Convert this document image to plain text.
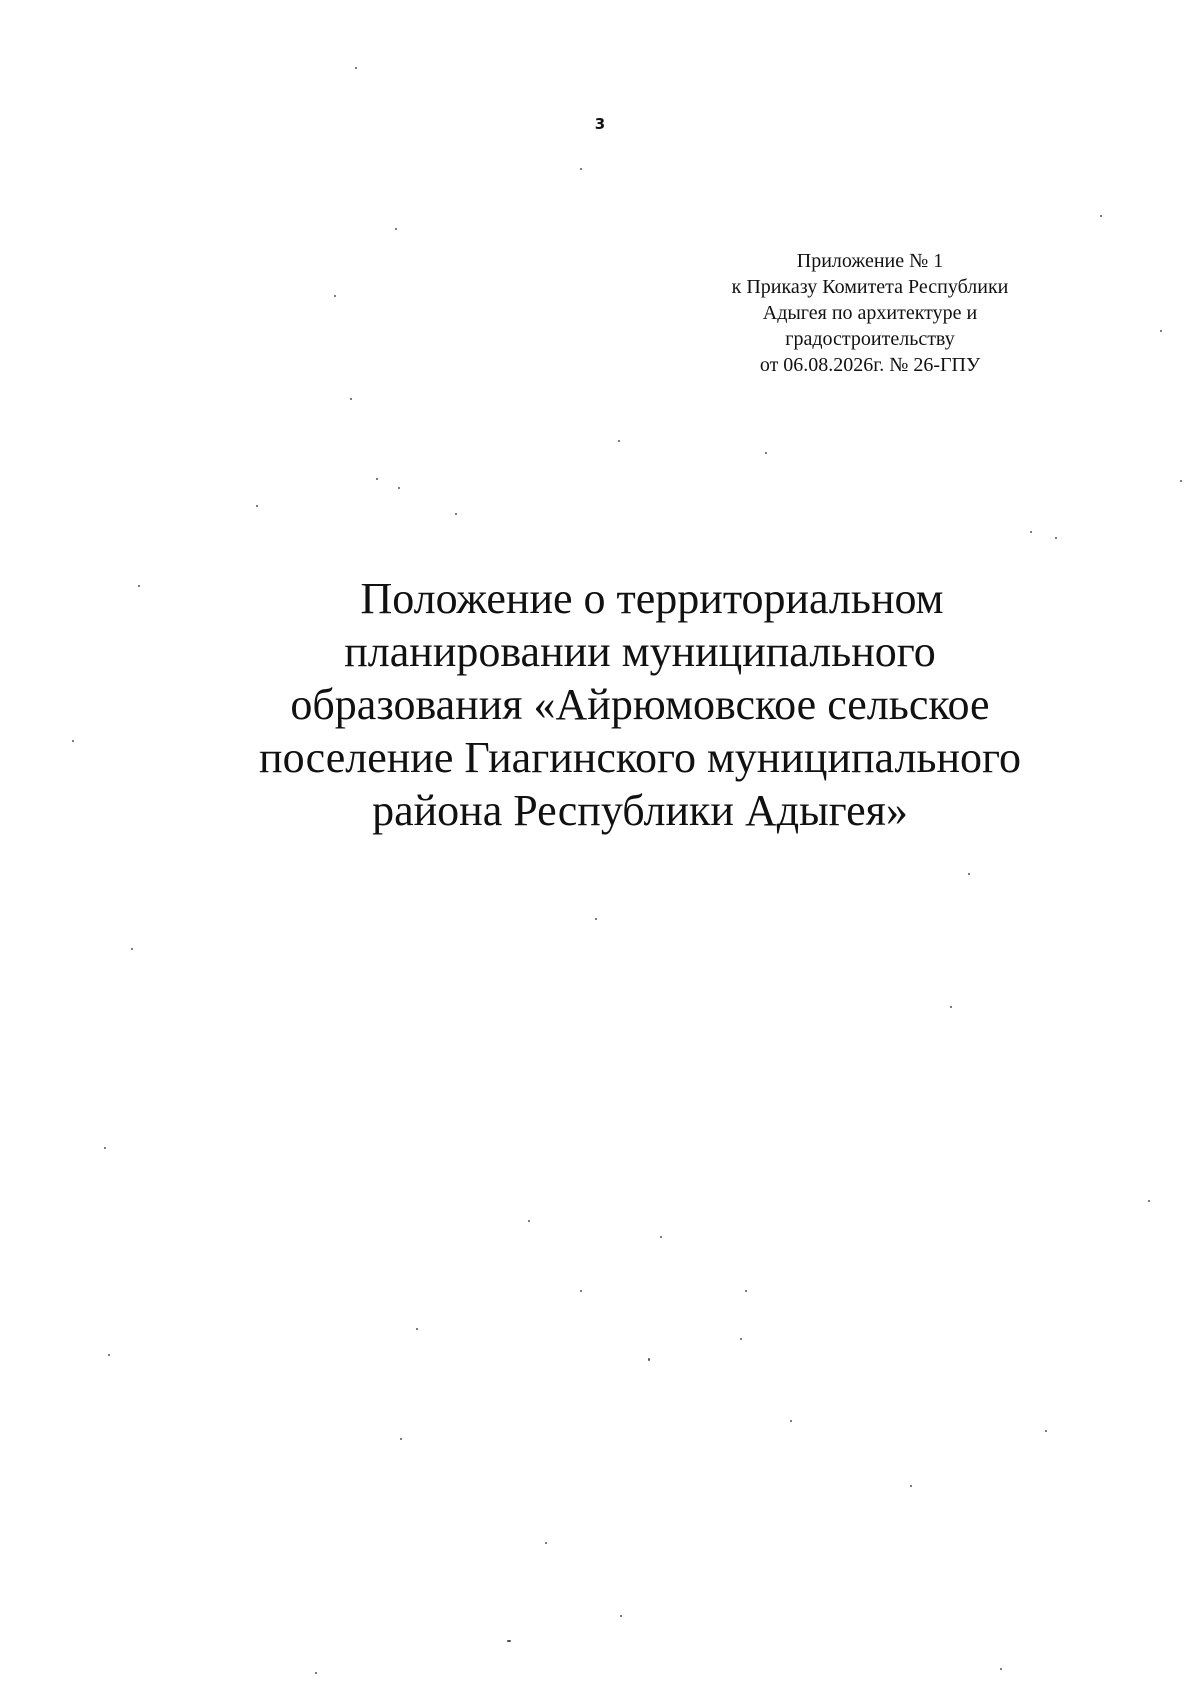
3
Приложение № 1
к Приказу Комитета Республики
Адыгея по архитектуре и
градостроительству
от 06.08.2026г. № 26-ГПУ
Положение о территориальном
планировании муниципального
образования «Айрюмовское сельское
поселение Гиагинского муниципального
района Республики Адыгея»
